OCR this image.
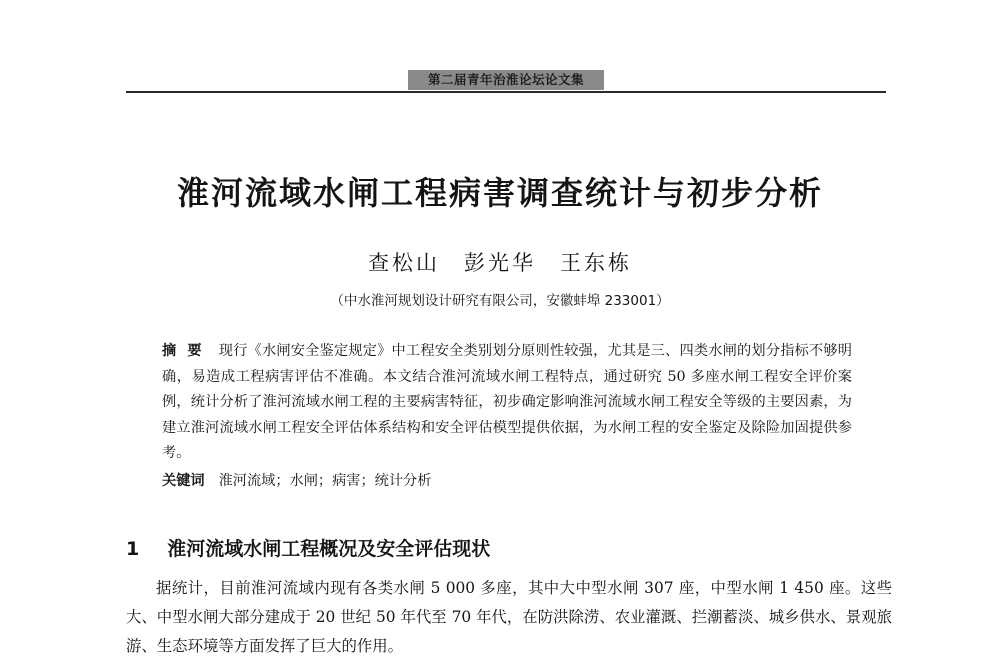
第二届青年治淮论坛论文集
淮河流域水闸工程病害调查统计与初步分析
查松山　彭光华　王东栋
（中水淮河规划设计研究有限公司，安徽蚌埠 233001）
摘要 现行《水闸安全鉴定规定》中工程安全类别划分原则性较强，尤其是三、四类水闸的划分指标不够明确，易造成工程病害评估不准确。本文结合淮河流域水闸工程特点，通过研究 50 多座水闸工程安全评价案例，统计分析了淮河流域水闸工程的主要病害特征，初步确定影响淮河流域水闸工程安全等级的主要因素，为建立淮河流域水闸工程安全评估体系结构和安全评估模型提供依据，为水闸工程的安全鉴定及除险加固提供参考。
关键词 淮河流域；水闸；病害；统计分析
1 淮河流域水闸工程概况及安全评估现状

据统计，目前淮河流域内现有各类水闸 5 000 多座，其中大中型水闸 307 座，中型水闸 1 450 座。这些大、中型水闸大部分建成于 20 世纪 50 年代至 70 年代，在防洪除涝、农业灌溉、拦潮蓄淡、城乡供水、景观旅游、生态环境等方面发挥了巨大的作用。
